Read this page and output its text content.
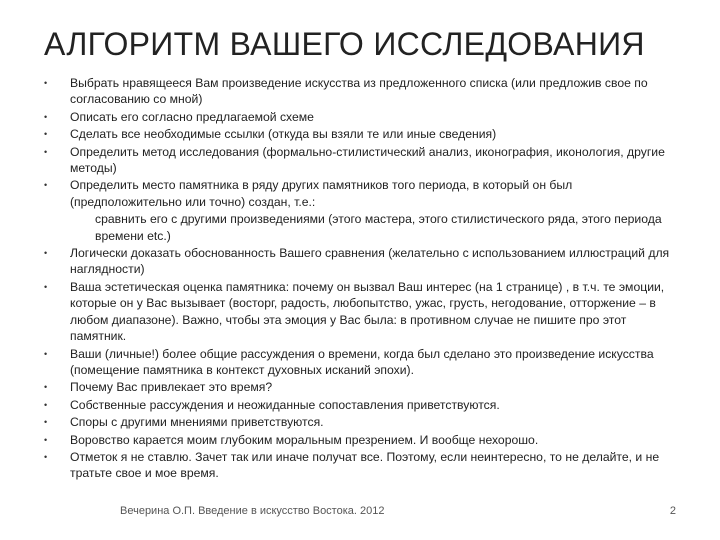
АЛГОРИТМ ВАШЕГО ИССЛЕДОВАНИЯ
•	Выбрать нравящееся Вам произведение искусства из предложенного списка (или предложив свое по согласованию со мной)
•	Описать его согласно предлагаемой схеме
•	Сделать все необходимые ссылки (откуда вы взяли те или иные сведения)
•	Определить метод исследования (формально-стилистический анализ, иконография, иконология, другие методы)
•	Определить место памятника в ряду других памятников того периода, в который он был (предположительно или точно) создан, т.е.:
сравнить его с другими произведениями (этого мастера, этого стилистического ряда, этого периода времени etc.)
•	Логически доказать обоснованность Вашего сравнения (желательно с использованием иллюстраций для наглядности)
•	Ваша эстетическая оценка памятника: почему он вызвал Ваш интерес (на 1 странице) , в т.ч. те эмоции, которые он у Вас вызывает (восторг, радость, любопытство, ужас, грусть, негодование, отторжение – в любом диапазоне). Важно, чтобы эта эмоция у Вас была: в противном случае не пишите про этот памятник.
•	Ваши (личные!) более общие рассуждения о времени, когда был сделано это произведение искусства (помещение памятника в контекст духовных исканий эпохи).
•	Почему Вас привлекает это время?
•	Собственные рассуждения и неожиданные сопоставления приветствуются.
•	Споры с другими мнениями приветствуются.
•	Воровство карается моим глубоким моральным презрением. И вообще нехорошо.
•	Отметок я не ставлю. Зачет так или иначе получат все. Поэтому, если неинтересно, то не делайте, и не тратьте свое и мое время.
Вечерина О.П. Введение в искусство Востока. 2012	2
